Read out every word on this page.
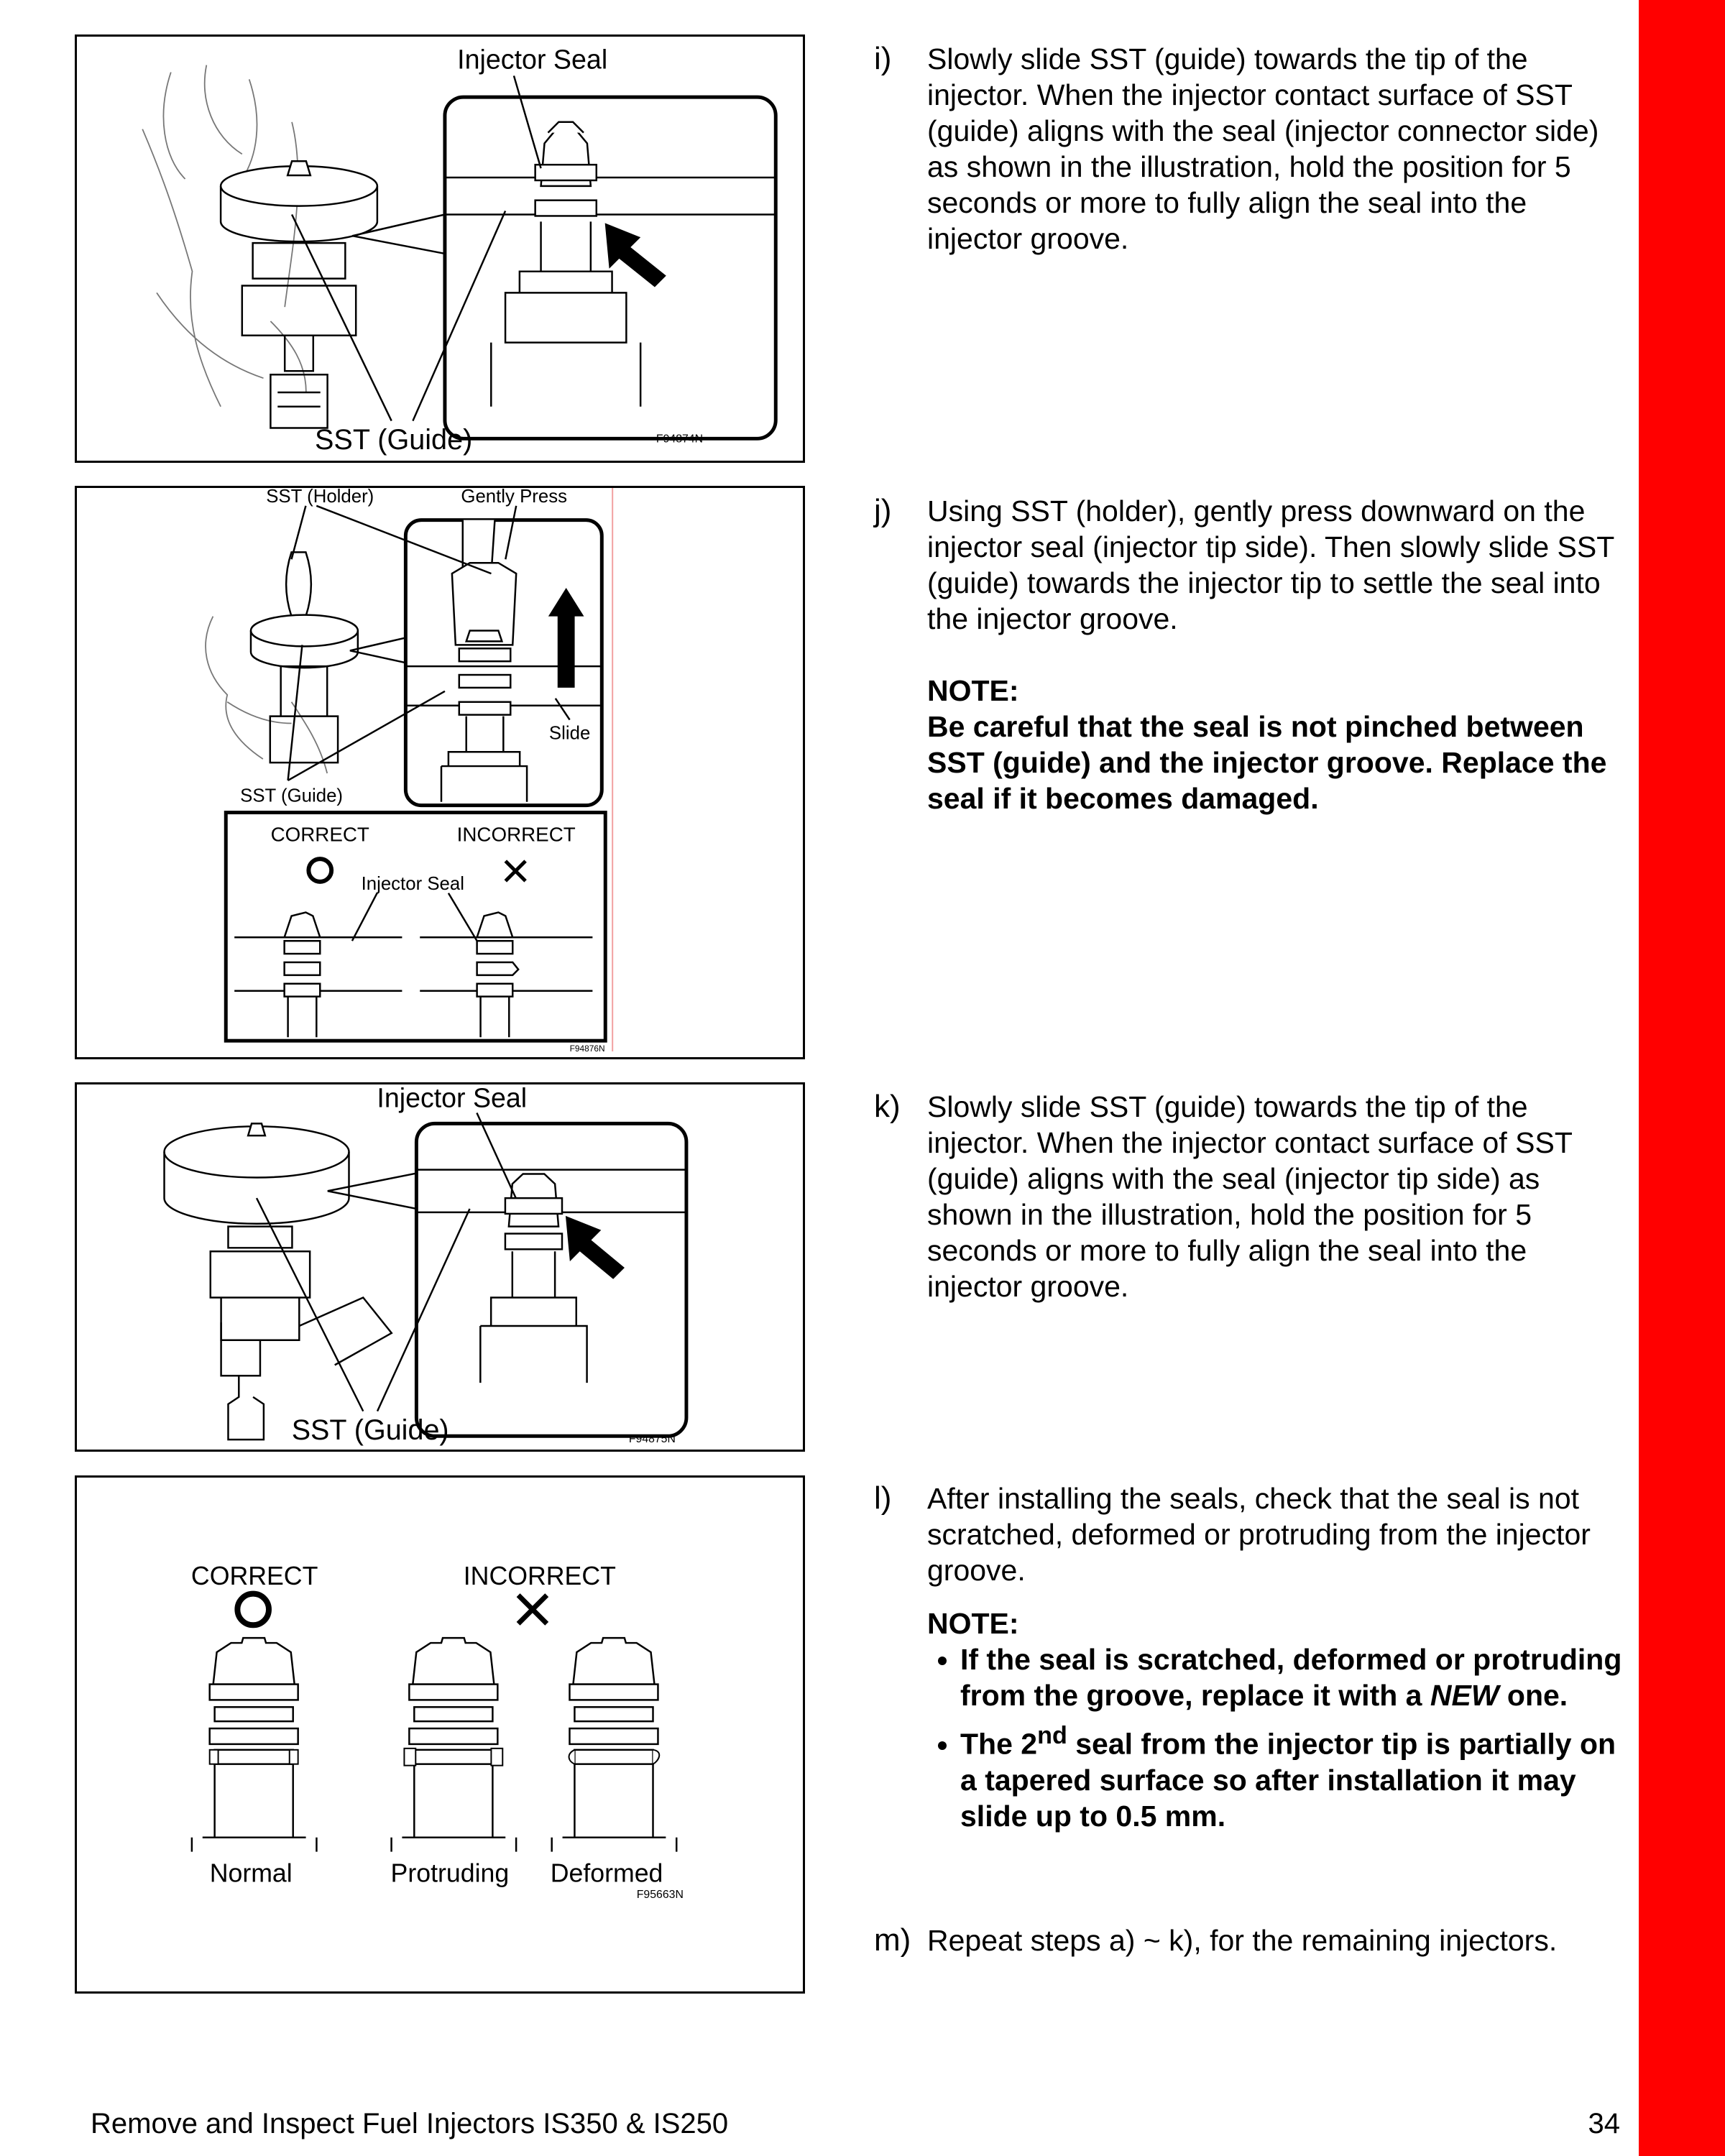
Injector Seal
SST (Guide)	F94874N
SST (Holder)	Gently Press
Slide
SST (Guide)
CORRECT	INCORRECT
Injector Seal
F94876N
Injector Seal
SST (Guide)	F94875N
CORRECT	INCORRECT
Normal	Protruding Deformed
F95663N
i) Slowly slide SST (guide) towards the tip of the injector. When the injector contact surface of SST (guide) aligns with the seal (injector connector side) as shown in the illustration, hold the position for 5 seconds or more to fully align the seal into the injector groove.
j) Using SST (holder), gently press downward on the injector seal (injector tip side). Then slowly slide SST (guide) towards the injector tip to settle the seal into the injector groove.
NOTE:
Be careful that the seal is not pinched between SST (guide) and the injector groove. Replace the seal if it becomes damaged.
k) Slowly slide SST (guide) towards the tip of the injector. When the injector contact surface of SST (guide) aligns with the seal (injector tip side) as shown in the illustration, hold the position for 5 seconds or more to fully align the seal into the injector groove.
l) After installing the seals, check that the seal is not scratched, deformed or protruding from the injector groove.
NOTE:
• If the seal is scratched, deformed or protruding from the groove, replace it with a NEW one.
• The 2nd seal from the injector tip is partially on a tapered surface so after installation it may slide up to 0.5 mm.
m) Repeat steps a) ~ k), for the remaining injectors.
Remove and Inspect Fuel Injectors IS350 & IS250	34
